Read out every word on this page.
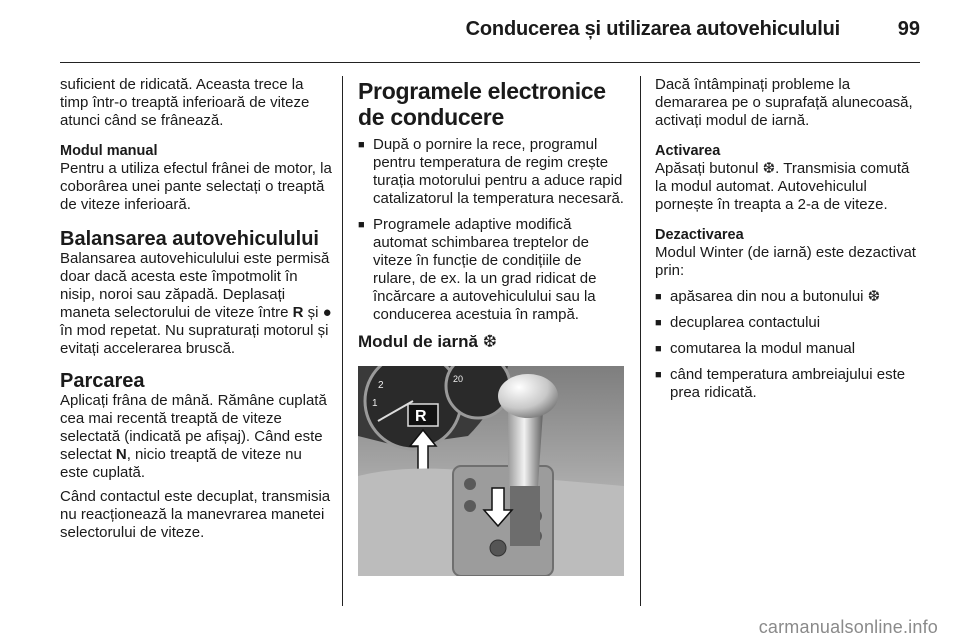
Conducerea și utilizarea autovehiculului	99

suficient de ridicată. Aceasta trece la timp într-o treaptă inferioară de viteze atunci când se frânează.

Modul manual

Pentru a utiliza efectul frânei de motor, la coborârea unei pante selectați o treaptă de viteze inferioară.

Balansarea autovehiculului

Balansarea autovehiculului este permisă doar dacă acesta este împotmolit în nisip, noroi sau zăpadă. Deplasați maneta selectorului de viteze între R și ● în mod repetat. Nu supraturați motorul și evitați accelerarea bruscă.

Parcarea

Aplicați frâna de mână. Rămâne cuplată cea mai recentă treaptă de viteze selectată (indicată pe afișaj). Când este selectat N, nicio treaptă de viteze nu este cuplată.

Când contactul este decuplat, transmisia nu reacționează la manevrarea manetei selectorului de viteze.

Programele electronice de conducere
■ După o pornire la rece, programul pentru temperatura de regim crește turația motorului pentru a aduce rapid catalizatorul la temperatura necesară.
■ Programele adaptive modifică automat schimbarea treptelor de viteze în funcție de condițiile de rulare, de ex. la un grad ridicat de încărcare a autovehiculului sau la conducerea acestuia în rampă.
Modul de iarnă ❆
1
2
20
R

Dacă întâmpinați probleme la demararea pe o suprafață alunecoasă, activați modul de iarnă.

Activarea

Apăsați butonul ❆. Transmisia comută la modul automat. Autovehiculul pornește în treapta a 2-a de viteze.

Dezactivarea

Modul Winter (de iarnă) este dezactivat prin:

■ apăsarea din nou a butonului ❆
■ decuplarea contactului
■ comutarea la modul manual
■ când temperatura ambreiajului este prea ridicată.
carmanualsonline.info
